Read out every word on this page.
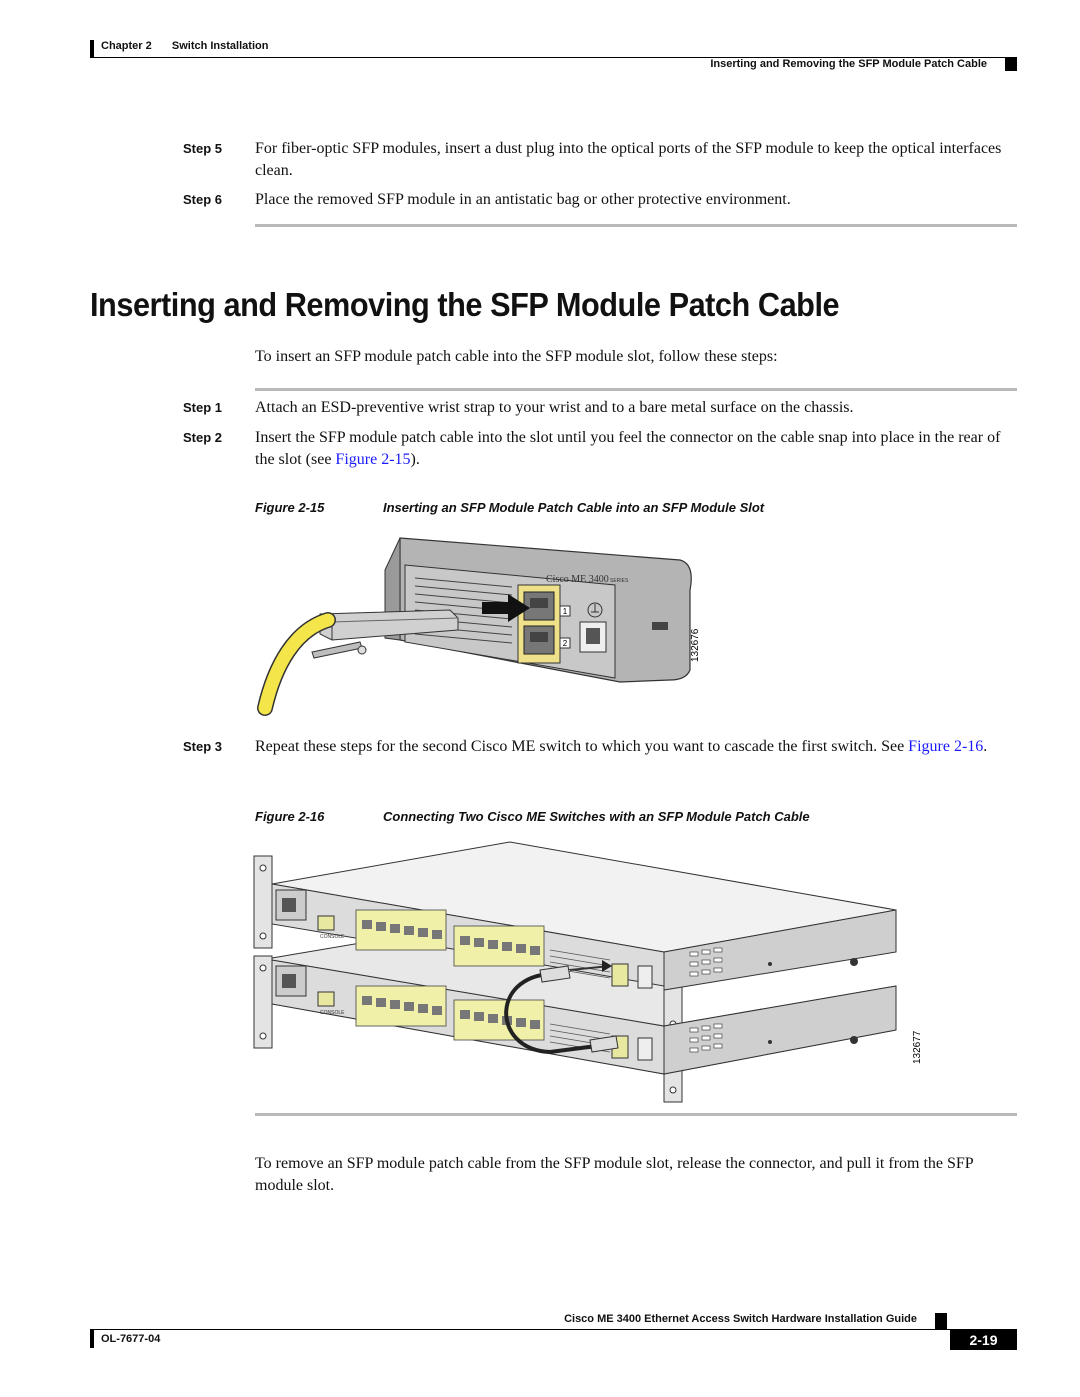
Chapter 2 Switch Installation
Inserting and Removing the SFP Module Patch Cable
Step 5	For fiber-optic SFP modules, insert a dust plug into the optical ports of the SFP module to keep the optical interfaces clean.
Step 6	Place the removed SFP module in an antistatic bag or other protective environment.
Inserting and Removing the SFP Module Patch Cable
To insert an SFP module patch cable into the SFP module slot, follow these steps:
Step 1	Attach an ESD-preventive wrist strap to your wrist and to a bare metal surface on the chassis.
Step 2	Insert the SFP module patch cable into the slot until you feel the connector on the cable snap into place in the rear of the slot (see Figure 2-15).
Figure 2-15	Inserting an SFP Module Patch Cable into an SFP Module Slot
1
2
Cisco ME 3400 SERIES
132676
Step 3	Repeat these steps for the second Cisco ME switch to which you want to cascade the first switch. See Figure 2-16.
Figure 2-16	Connecting Two Cisco ME Switches with an SFP Module Patch Cable
CONSOLE
CONSOLE
132677
To remove an SFP module patch cable from the SFP module slot, release the connector, and pull it from the SFP module slot.
Cisco ME 3400 Ethernet Access Switch Hardware Installation Guide
OL-7677-04	2-19
